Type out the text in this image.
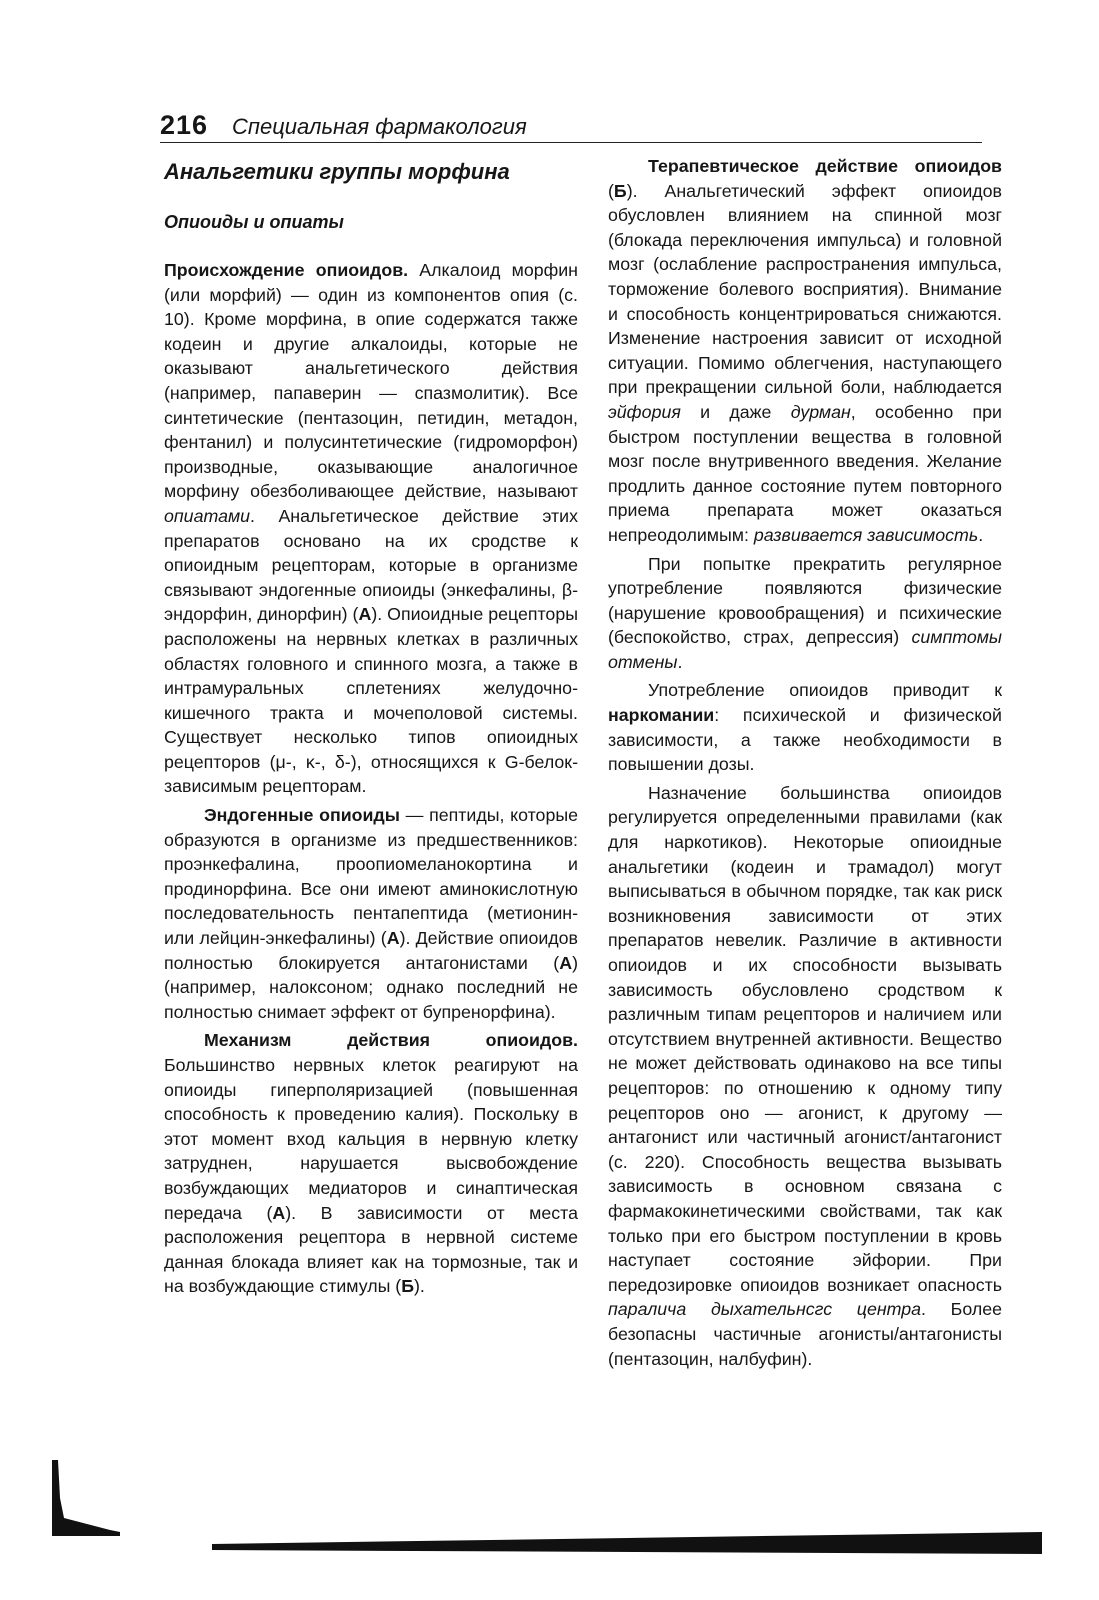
216 Специальная фармакология
Анальгетики группы морфина
Опиоиды и опиаты

Происхождение опиоидов. Алкалоид морфин (или морфий) — один из компонентов опия (с. 10). Кроме морфина, в опие содержатся также кодеин и другие алкалоиды, которые не оказывают анальгетического действия (например, папаверин — спазмолитик). Все синтетические (пентазоцин, петидин, метадон, фентанил) и полусинтетические (гидроморфон) производные, оказывающие аналогичное морфину обезболивающее действие, называют опиатами. Анальгетическое действие этих препаратов основано на их сродстве к опиоидным рецепторам, которые в организме связывают эндогенные опиоиды (энкефалины, β-эндорфин, динорфин) (А). Опиоидные рецепторы расположены на нервных клетках в различных областях головного и спинного мозга, а также в интрамуральных сплетениях желудочно-кишечного тракта и мочеполовой системы. Существует несколько типов опиоидных рецепторов (μ-, κ-, δ-), относящихся к G-белок-зависимым рецепторам.

Эндогенные опиоиды — пептиды, которые образуются в организме из предшественников: проэнкефалина, проопиомеланокортина и продинорфина. Все они имеют аминокислотную последовательность пентапептида (метионин- или лейцин-энкефалины) (А). Действие опиоидов полностью блокируется антагонистами (А) (например, налоксоном; однако последний не полностью снимает эффект от бупренорфина).

Механизм действия опиоидов. Большинство нервных клеток реагируют на опиоиды гиперполяризацией (повышенная способность к проведению калия). Поскольку в этот момент вход кальция в нервную клетку затруднен, нарушается высвобождение возбуждающих медиаторов и синаптическая передача (А). В зависимости от места расположения рецептора в нервной системе данная блокада влияет как на тормозные, так и на возбуждающие стимулы (Б).

Терапевтическое действие опиоидов (Б). Анальгетический эффект опиоидов обусловлен влиянием на спинной мозг (блокада переключения импульса) и головной мозг (ослабление распространения импульса, торможение болевого восприятия). Внимание и способность концентрироваться снижаются. Изменение настроения зависит от исходной ситуации. Помимо облегчения, наступающего при прекращении сильной боли, наблюдается эйфория и даже дурман, особенно при быстром поступлении вещества в головной мозг после внутривенного введения. Желание продлить данное состояние путем повторного приема препарата может оказаться непреодолимым: развивается зависимость.

При попытке прекратить регулярное употребление появляются физические (нарушение кровообращения) и психические (беспокойство, страх, депрессия) симптомы отмены.

Употребление опиоидов приводит к наркомании: психической и физической зависимости, а также необходимости в повышении дозы.

Назначение большинства опиоидов регулируется определенными правилами (как для наркотиков). Некоторые опиоидные анальгетики (кодеин и трамадол) могут выписываться в обычном порядке, так как риск возникновения зависимости от этих препаратов невелик. Различие в активности опиоидов и их способности вызывать зависимость обусловлено сродством к различным типам рецепторов и наличием или отсутствием внутренней активности. Вещество не может действовать одинаково на все типы рецепторов: по отношению к одному типу рецепторов оно — агонист, к другому — антагонист или частичный агонист/антагонист (с. 220). Способность вещества вызывать зависимость в основном связана с фармакокинетическими свойствами, так как только при его быстром поступлении в кровь наступает состояние эйфории. При передозировке опиоидов возникает опасность паралича дыхательнсгс центра. Более безопасны частичные агонисты/антагонисты (пентазоцин, налбуфин).
